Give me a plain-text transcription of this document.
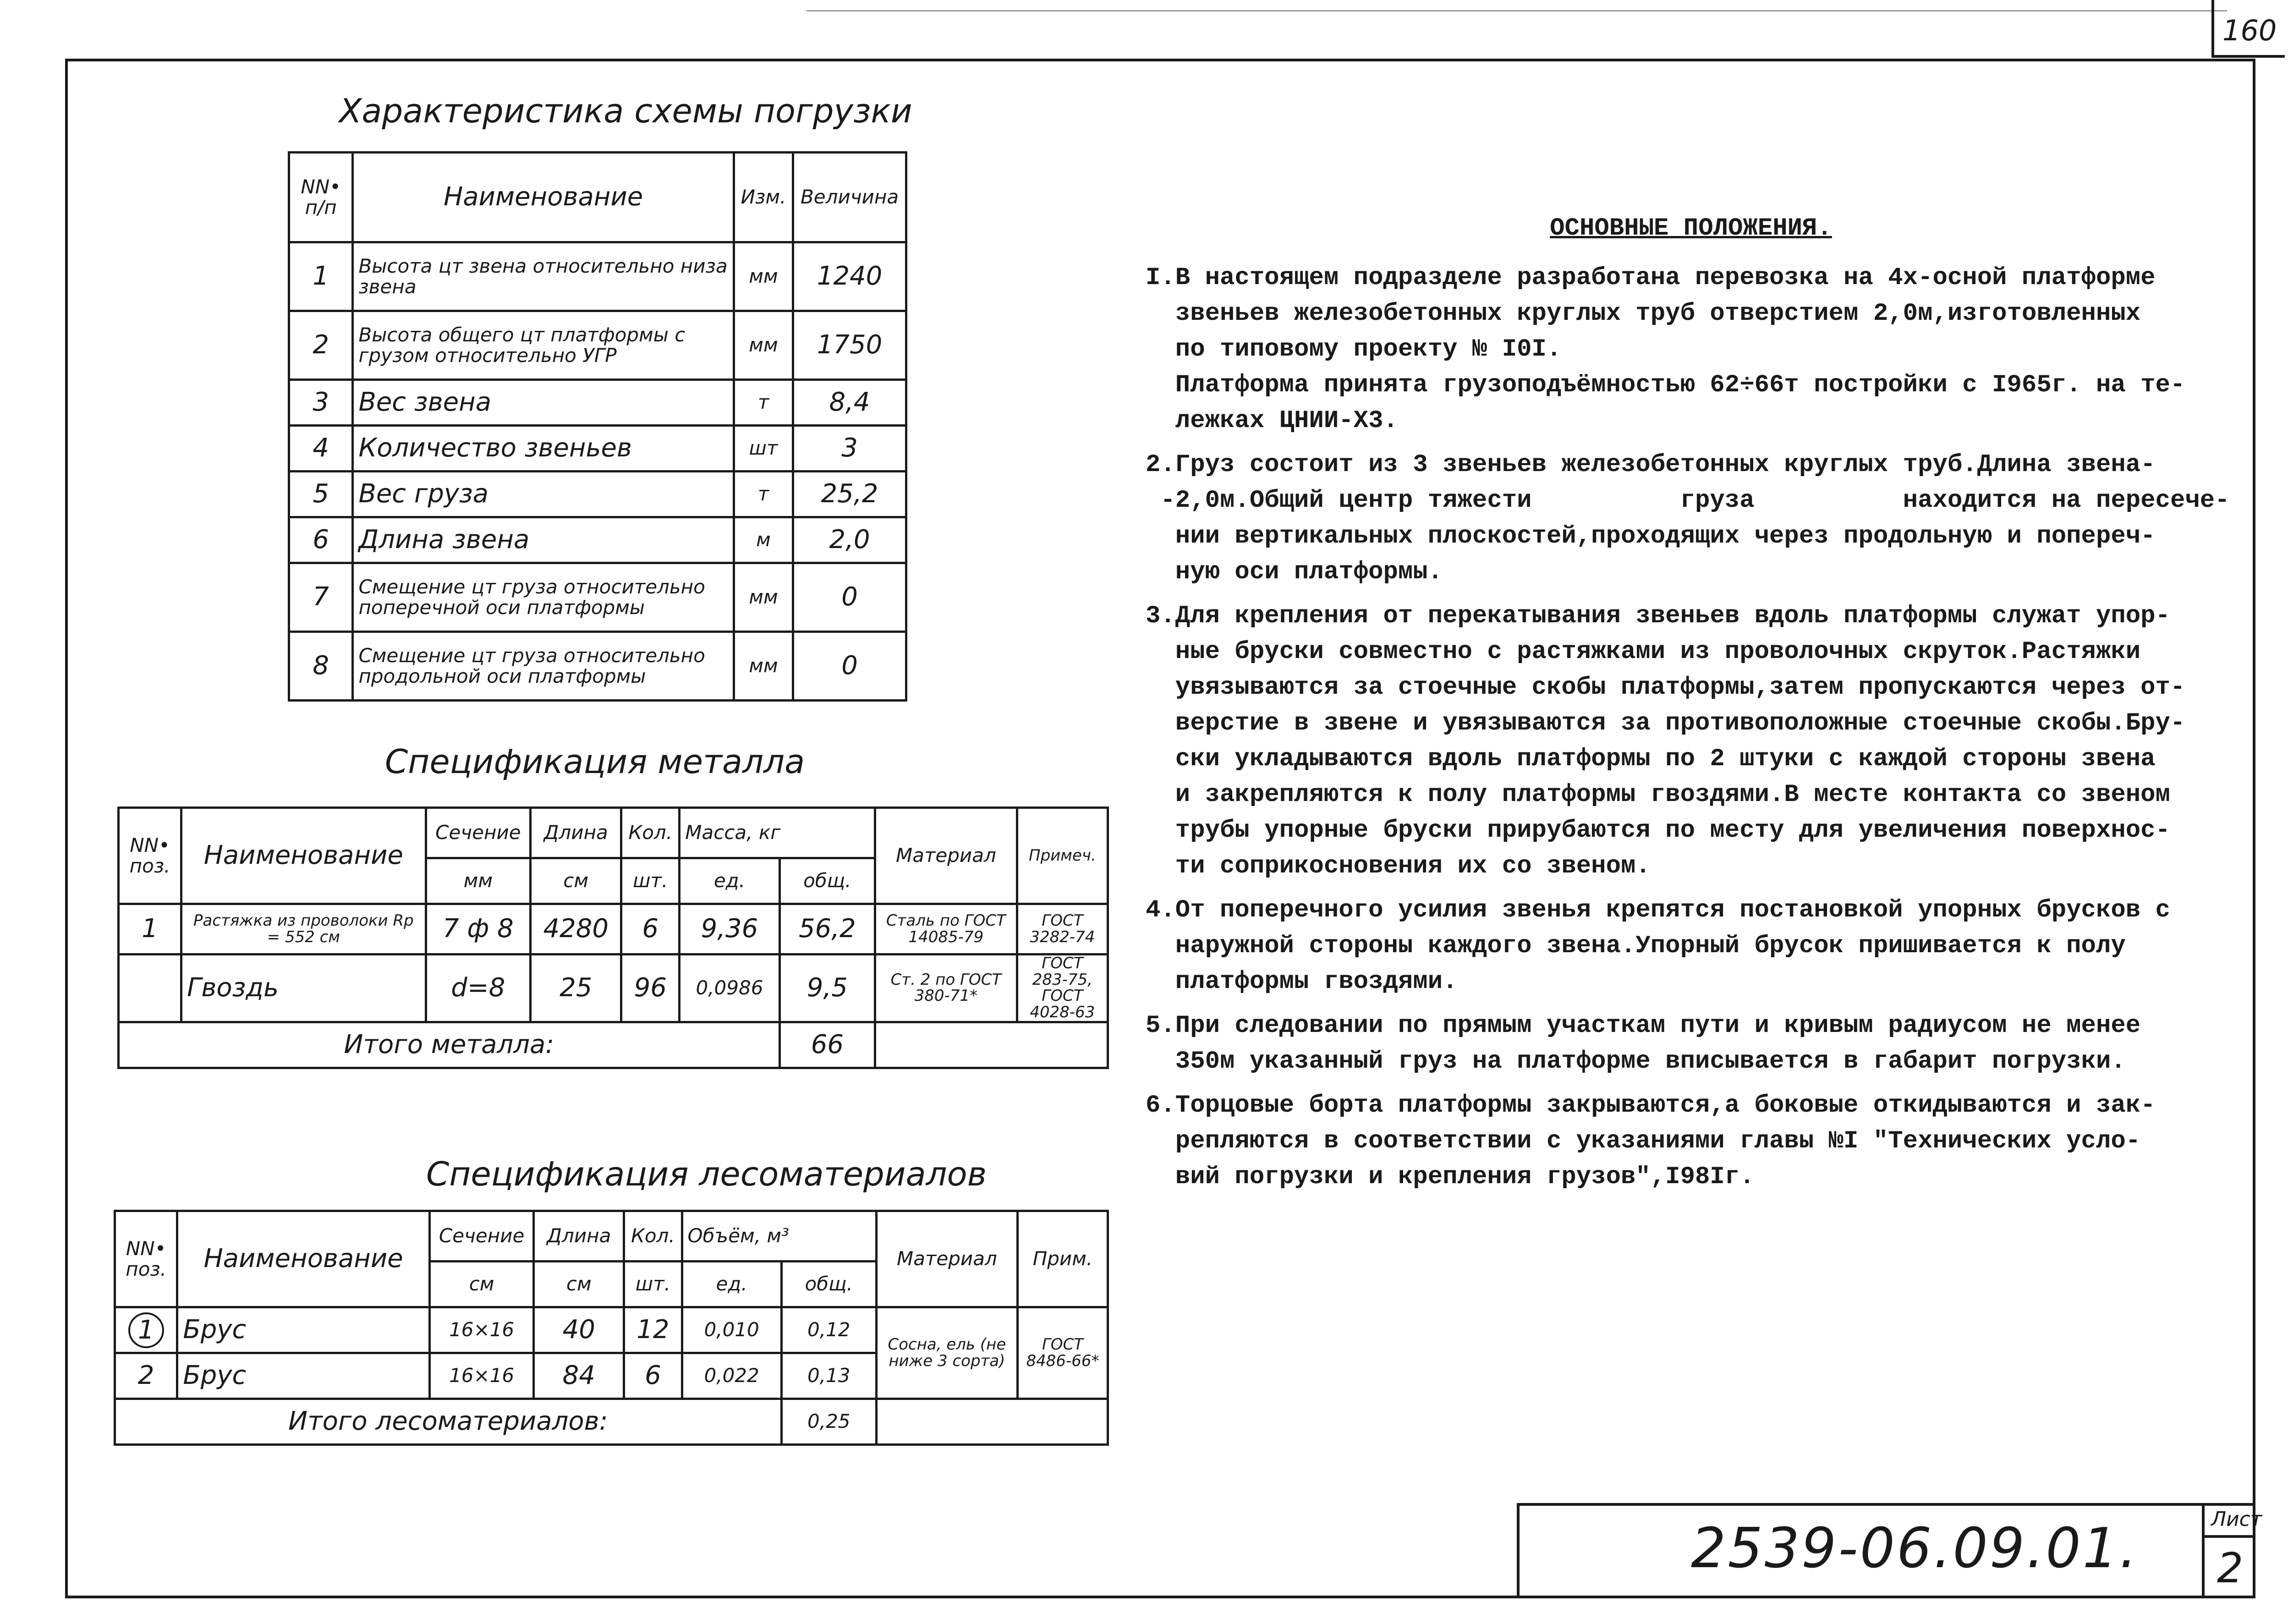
160
Характеристика схемы погрузки
NN• п/п	Наименование	Изм.	Величина
1	Высота цт звена относительно низа звена	мм	1240
2	Высота общего цт платформы с грузом относительно УГР	мм	1750
3	Вес звена	т	8,4
4	Количество звеньев	шт	3
5	Вес груза	т	25,2
6	Длина звена	м	2,0
7	Смещение цт груза относительно поперечной оси платформы	мм	0
8	Смещение цт груза относительно продольной оси платформы	мм	0
Спецификация металла
NN• поз.	Наименование	Сечение	Длина	Кол.	Масса, кг		Материал	Примеч.
		мм	см	шт.	ед.	общ.		
1	Растяжка из проволоки Rр = 552 см	7 ф 8	4280	6	9,36	56,2	Сталь по ГОСТ 14085-79	ГОСТ 3282-74
	Гвоздь	d=8	25	96	0,0986	9,5	Ст. 2 по ГОСТ 380-71*	ГОСТ 283-75, ГОСТ 4028-63
Итого металла:						66		
Спецификация лесоматериалов
NN• поз.	Наименование	Сечение	Длина	Кол.	Объём, м³		Материал	Прим.
		см	см	шт.	ед.	общ.		
1	Брус	16×16	40	12	0,010	0,12	Сосна, ель (не ниже 3 сорта)	ГОСТ 8486-66*
2	Брус	16×16	84	6	0,022	0,13		
Итого лесоматериалов:						0,25		
ОСНОВНЫЕ ПОЛОЖЕНИЯ.

I.В настоящем подразделе разработана перевозка на 4х-осной платформе
звеньев железобетонных круглых труб отверстием 2,0м,изготовленных
по типовому проекту № I0I.
Платформа принята грузоподъёмностью 62÷66т постройки с I965г. на те-
лежках ЦНИИ-Х3.

2.Груз состоит из 3 звеньев железобетонных круглых труб.Длина звена-
-2,0м.Общий центр тяжести          груза          находится на пересече-
нии вертикальных плоскостей,проходящих через продольную и попереч-
ную оси платформы.

3.Для крепления от перекатывания звеньев вдоль платформы служат упор-
ные бруски совместно с растяжками из проволочных скруток.Растяжки
увязываются за стоечные скобы платформы,затем пропускаются через от-
верстие в звене и увязываются за противоположные стоечные скобы.Бру-
ски укладываются вдоль платформы по 2 штуки с каждой стороны звена
и закрепляются к полу платформы гвоздями.В месте контакта со звеном
трубы упорные бруски прирубаются по месту для увеличения поверхнос-
ти соприкосновения их со звеном.

4.От поперечного усилия звенья крепятся постановкой упорных брусков с
наружной стороны каждого звена.Упорный брусок пришивается к полу
платформы гвоздями.

5.При следовании по прямым участкам пути и кривым радиусом не менее
350м указанный груз на платформе вписывается в габарит погрузки.

6.Торцовые борта платформы закрываются,а боковые откидываются и зак-
репляются в соответствии с указаниями главы №I "Технических усло-
вий погрузки и крепления грузов",I98Iг.

2539-06.09.01.	Лист
2
